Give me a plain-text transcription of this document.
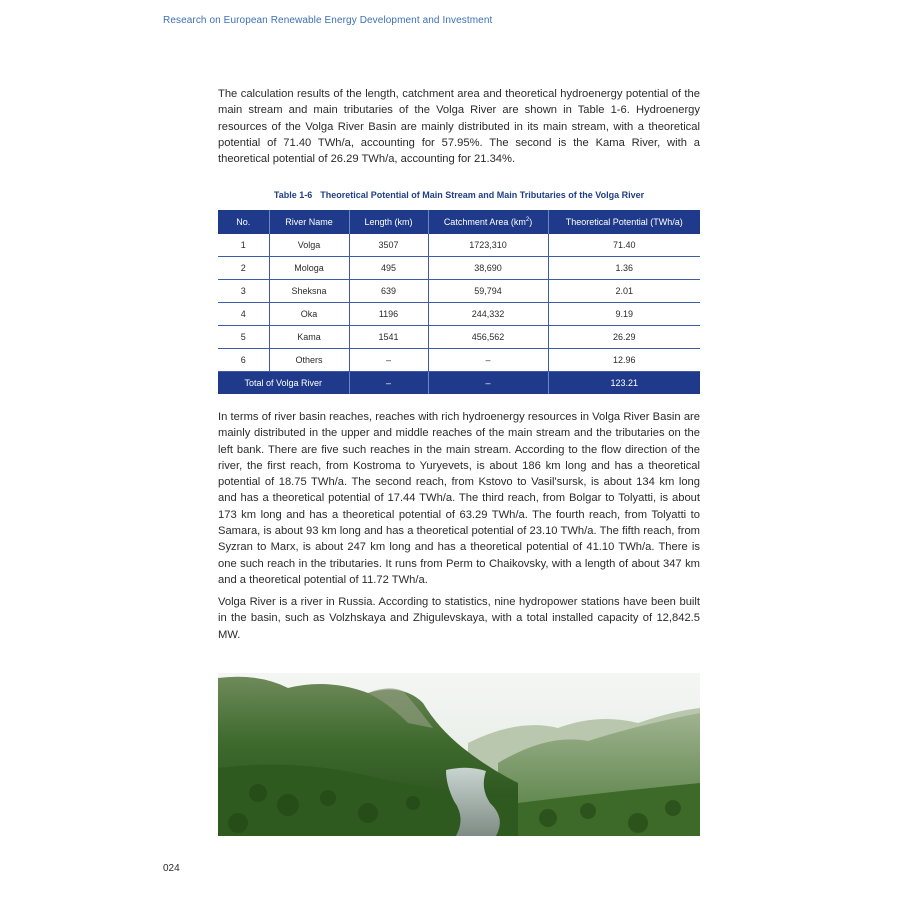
Research on European Renewable Energy Development and Investment

The calculation results of the length, catchment area and theoretical hydroenergy potential of the main stream and main tributaries of the Volga River are shown in Table 1-6. Hydroenergy resources of the Volga River Basin are mainly distributed in its main stream, with a theoretical potential of 71.40 TWh/a, accounting for 57.95%. The second is the Kama River, with a theoretical potential of 26.29 TWh/a, accounting for 21.34%.

Table 1-6 Theoretical Potential of Main Stream and Main Tributaries of the Volga River
No.	River Name	Length (km)	Catchment Area $(km^2)$	Theoretical Potential (TWh/a)
1	Volga	3507	1723,310	71.40
2	Mologa	495	38,690	1.36
3	Sheksna	639	59,794	2.01
4	Oka	1196	244,332	9.19
5	Kama	1541	456,562	26.29
6	Others	–	–	12.96
Total of Volga River		–	–	123.21

In terms of river basin reaches, reaches with rich hydroenergy resources in Volga River Basin are mainly distributed in the upper and middle reaches of the main stream and the tributaries on the left bank. There are five such reaches in the main stream. According to the flow direction of the river, the first reach, from Kostroma to Yuryevets, is about 186 km long and has a theoretical potential of 18.75 TWh/a. The second reach, from Kstovo to Vasil'sursk, is about 134 km long and has a theoretical potential of 17.44 TWh/a. The third reach, from Bolgar to Tolyatti, is about 173 km long and has a theoretical potential of 63.29 TWh/a. The fourth reach, from Tolyatti to Samara, is about 93 km long and has a theoretical potential of 23.10 TWh/a. The fifth reach, from Syzran to Marx, is about 247 km long and has a theoretical potential of 41.10 TWh/a. There is one such reach in the tributaries. It runs from Perm to Chaikovsky, with a length of about 347 km and a theoretical potential of 11.72 TWh/a.

Volga River is a river in Russia. According to statistics, nine hydropower stations have been built in the basin, such as Volzhskaya and Zhigulevskaya, with a total installed capacity of 12,842.5 MW.

024
